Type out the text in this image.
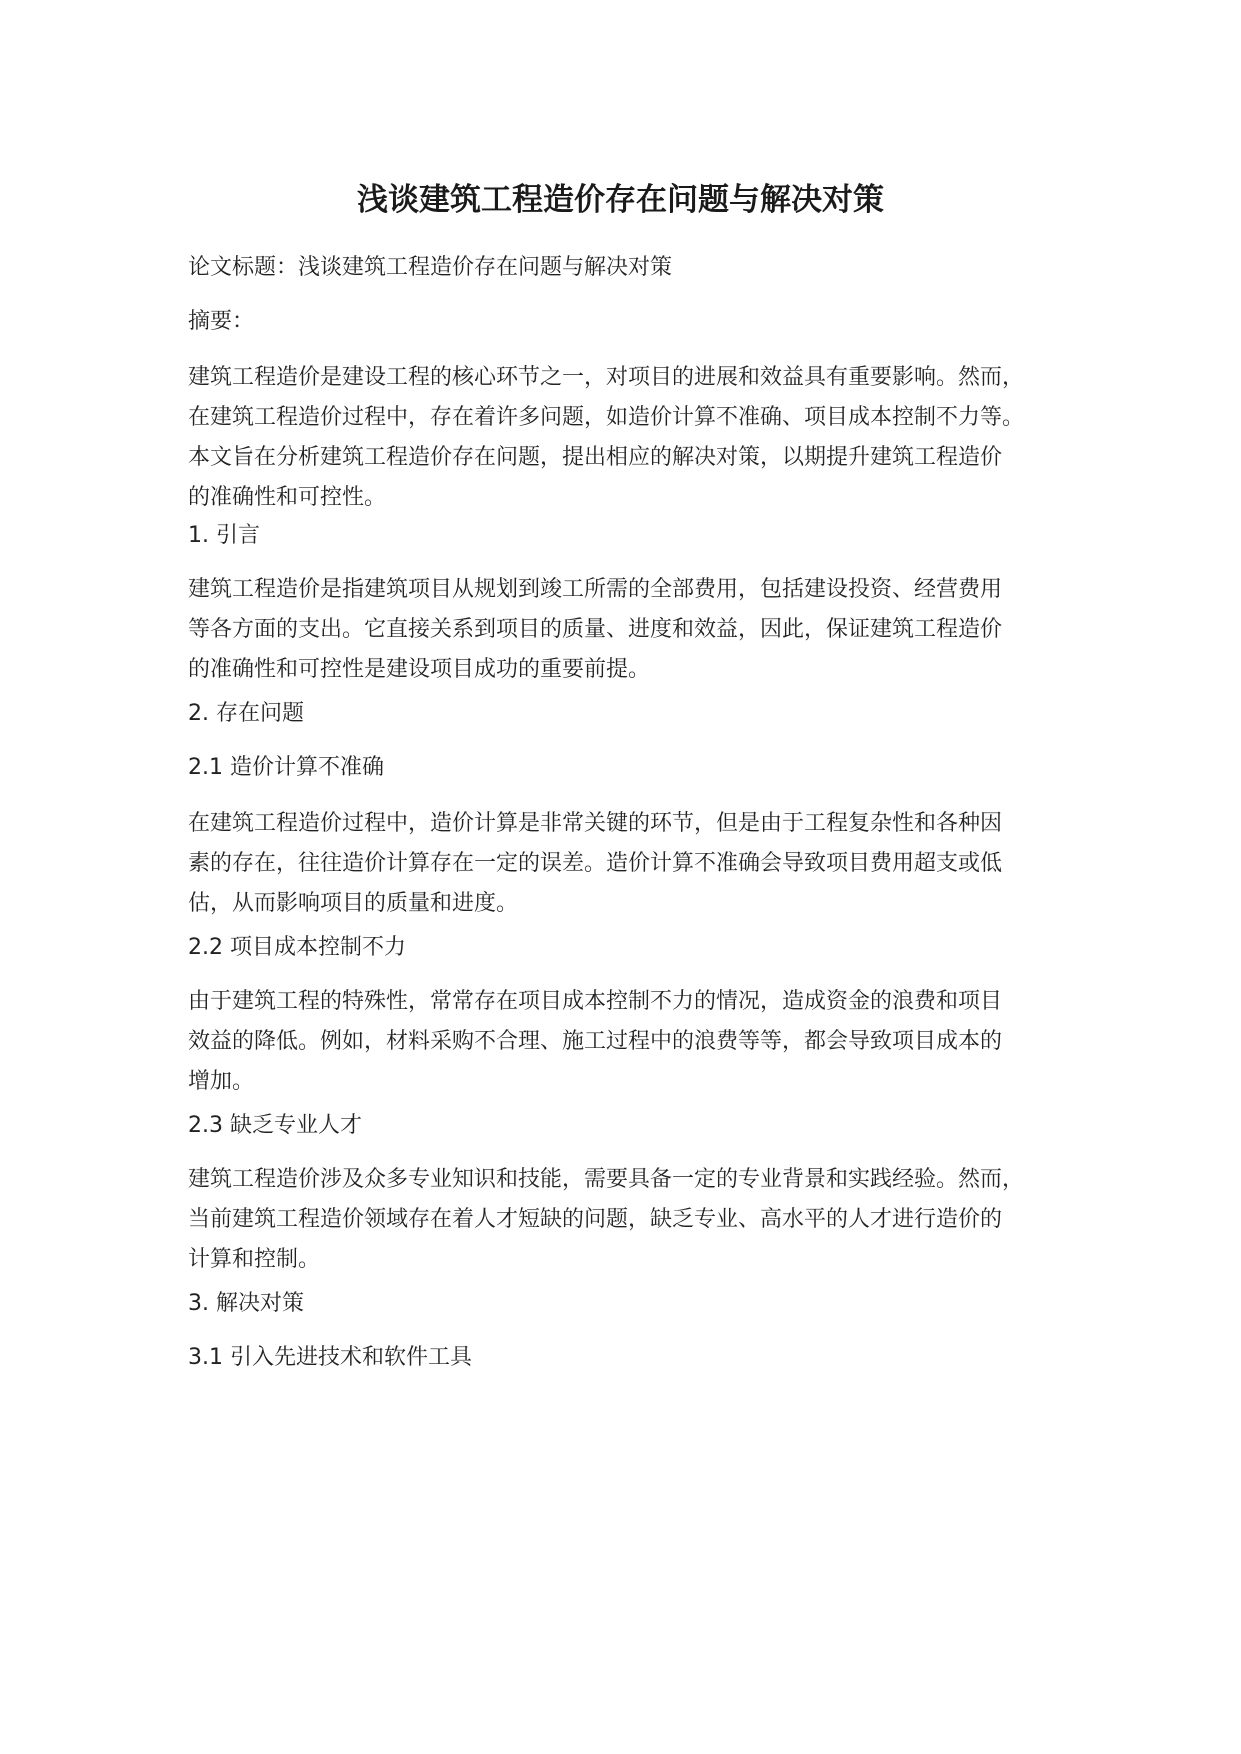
浅谈建筑工程造价存在问题与解决对策

论文标题：浅谈建筑工程造价存在问题与解决对策

摘要：

建筑工程造价是建设工程的核心环节之一，对项目的进展和效益具有重要影响。然而，
在建筑工程造价过程中，存在着许多问题，如造价计算不准确、项目成本控制不力等。
本文旨在分析建筑工程造价存在问题，提出相应的解决对策，以期提升建筑工程造价
的准确性和可控性。

1. 引言

建筑工程造价是指建筑项目从规划到竣工所需的全部费用，包括建设投资、经营费用
等各方面的支出。它直接关系到项目的质量、进度和效益，因此，保证建筑工程造价
的准确性和可控性是建设项目成功的重要前提。

2. 存在问题

2.1 造价计算不准确

在建筑工程造价过程中，造价计算是非常关键的环节，但是由于工程复杂性和各种因
素的存在，往往造价计算存在一定的误差。造价计算不准确会导致项目费用超支或低
估，从而影响项目的质量和进度。

2.2 项目成本控制不力

由于建筑工程的特殊性，常常存在项目成本控制不力的情况，造成资金的浪费和项目
效益的降低。例如，材料采购不合理、施工过程中的浪费等等，都会导致项目成本的
增加。

2.3 缺乏专业人才

建筑工程造价涉及众多专业知识和技能，需要具备一定的专业背景和实践经验。然而，
当前建筑工程造价领域存在着人才短缺的问题，缺乏专业、高水平的人才进行造价的
计算和控制。

3. 解决对策

3.1 引入先进技术和软件工具
